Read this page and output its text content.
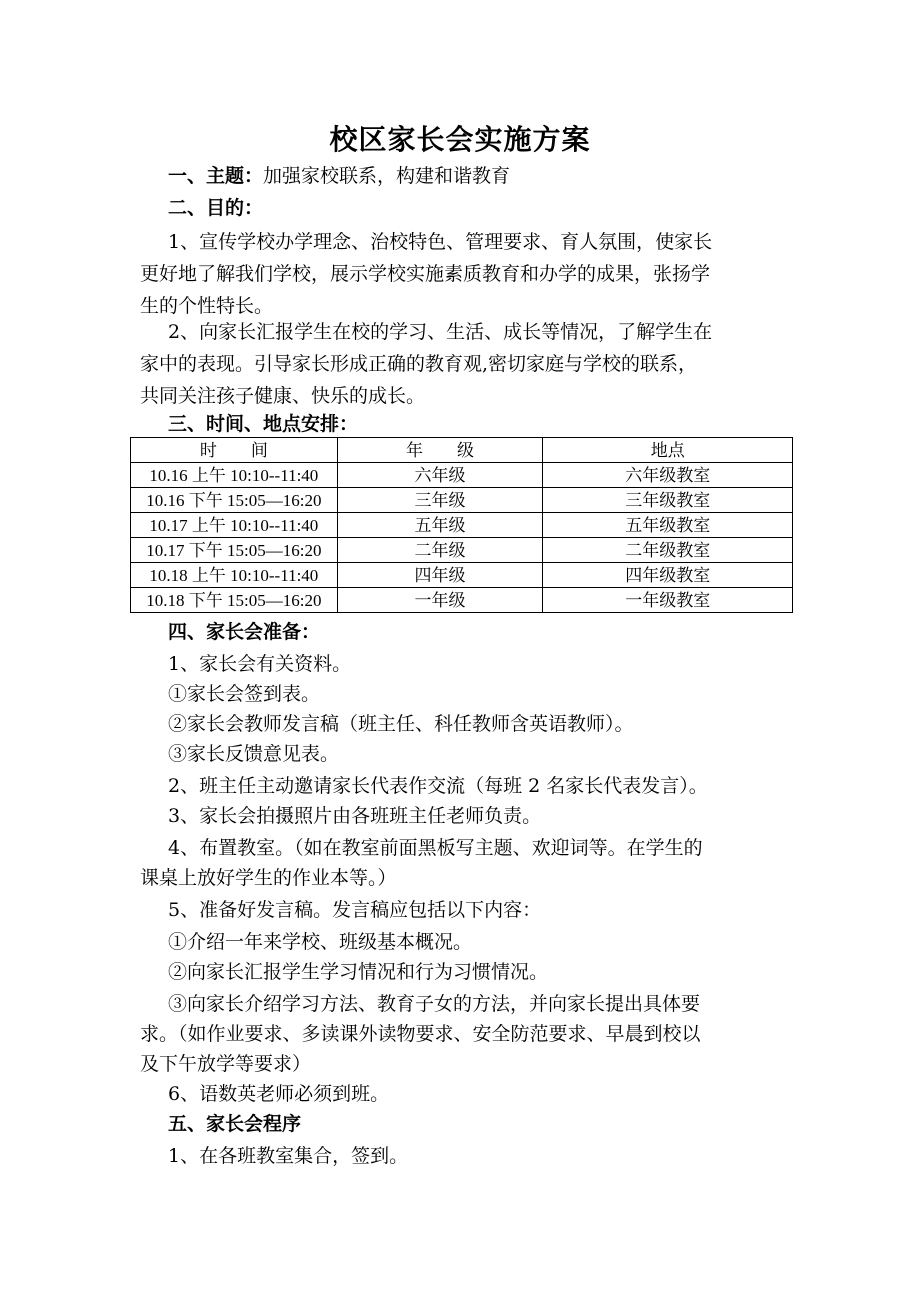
校区家长会实施方案
一、主题：加强家校联系，构建和谐教育
二、目的：
1、宣传学校办学理念、治校特色、管理要求、育人氛围，使家长
更好地了解我们学校，展示学校实施素质教育和办学的成果，张扬学
生的个性特长。
2、向家长汇报学生在校的学习、生活、成长等情况，了解学生在
家中的表现。引导家长形成正确的教育观,密切家庭与学校的联系，
共同关注孩子健康、快乐的成长。
三、时间、地点安排：
时　　间	年　　级	地点
10.16 上午 10:10--11:40	六年级	六年级教室
10.16 下午 15:05—16:20	三年级	三年级教室
10.17 上午 10:10--11:40	五年级	五年级教室
10.17 下午 15:05—16:20	二年级	二年级教室
10.18 上午 10:10--11:40	四年级	四年级教室
10.18 下午 15:05—16:20	一年级	一年级教室
四、家长会准备：
1、家长会有关资料。
①家长会签到表。
②家长会教师发言稿（班主任、科任教师含英语教师）。
③家长反馈意见表。
2、班主任主动邀请家长代表作交流（每班 2 名家长代表发言）。
3、家长会拍摄照片由各班班主任老师负责。
4、布置教室。（如在教室前面黑板写主题、欢迎词等。在学生的
课桌上放好学生的作业本等。）
5、准备好发言稿。发言稿应包括以下内容：
①介绍一年来学校、班级基本概况。
②向家长汇报学生学习情况和行为习惯情况。
③向家长介绍学习方法、教育子女的方法，并向家长提出具体要
求。（如作业要求、多读课外读物要求、安全防范要求、早晨到校以
及下午放学等要求）
6、语数英老师必须到班。
五、家长会程序
1、在各班教室集合，签到。
